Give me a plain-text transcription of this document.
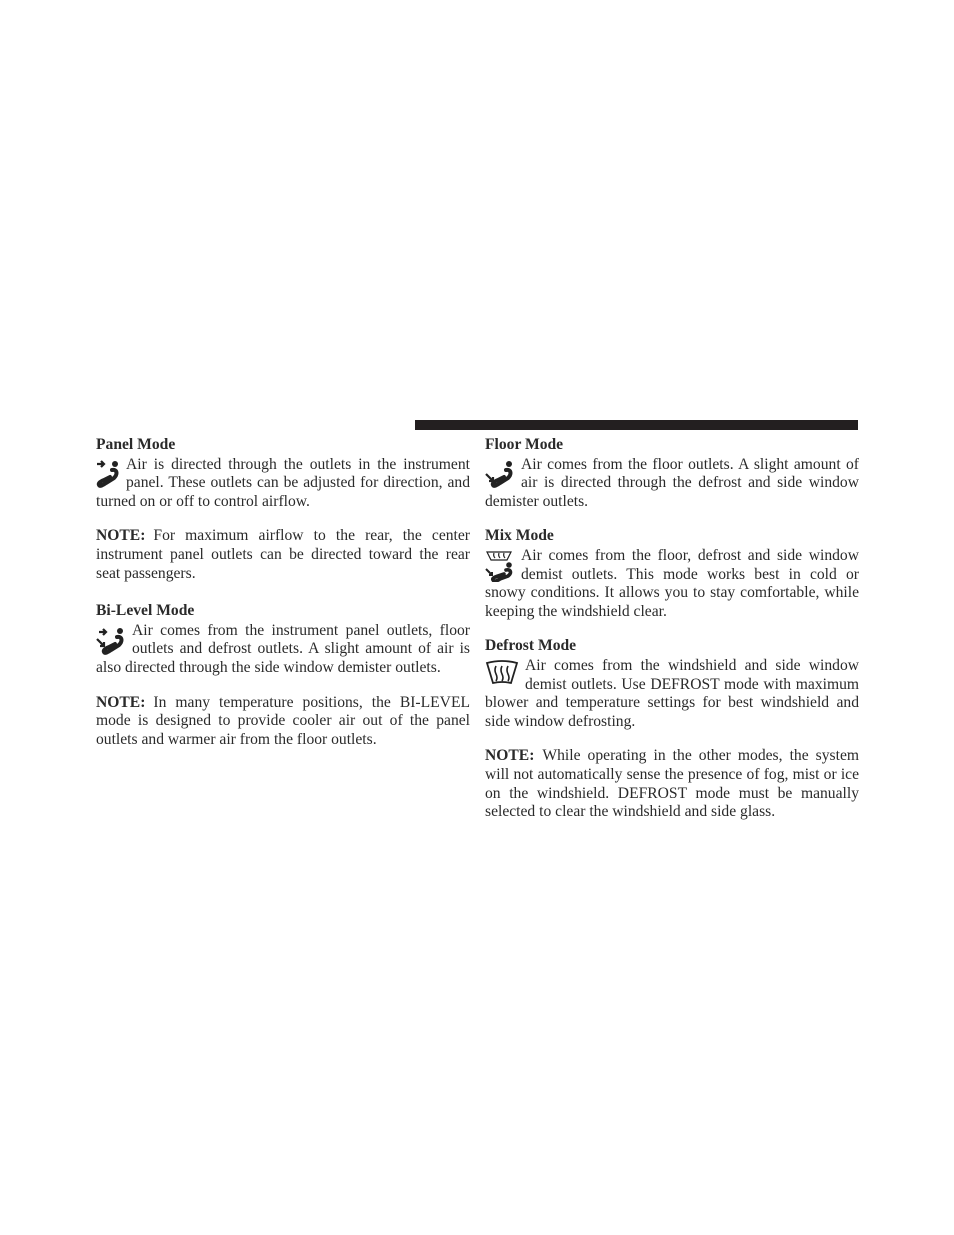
Panel Mode

Air is directed through the outlets in the instrument panel. These outlets can be adjusted for direction, and turned on or off to control airflow.

NOTE: For maximum airflow to the rear, the center instrument panel outlets can be directed toward the rear seat passengers.

Bi-Level Mode

Air comes from the instrument panel outlets, floor outlets and defrost outlets. A slight amount of air is also directed through the side window demister outlets.

NOTE: In many temperature positions, the BI-LEVEL mode is designed to provide cooler air out of the panel outlets and warmer air from the floor outlets.

Floor Mode

Air comes from the floor outlets. A slight amount of air is directed through the defrost and side window demister outlets.

Mix Mode

Air comes from the floor, defrost and side window demist outlets. This mode works best in cold or snowy conditions. It allows you to stay comfortable, while keeping the windshield clear.

Defrost Mode

Air comes from the windshield and side window demist outlets. Use DEFROST mode with maximum blower and temperature settings for best windshield and side window defrosting.

NOTE: While operating in the other modes, the system will not automatically sense the presence of fog, mist or ice on the windshield. DEFROST mode must be manually selected to clear the windshield and side glass.
